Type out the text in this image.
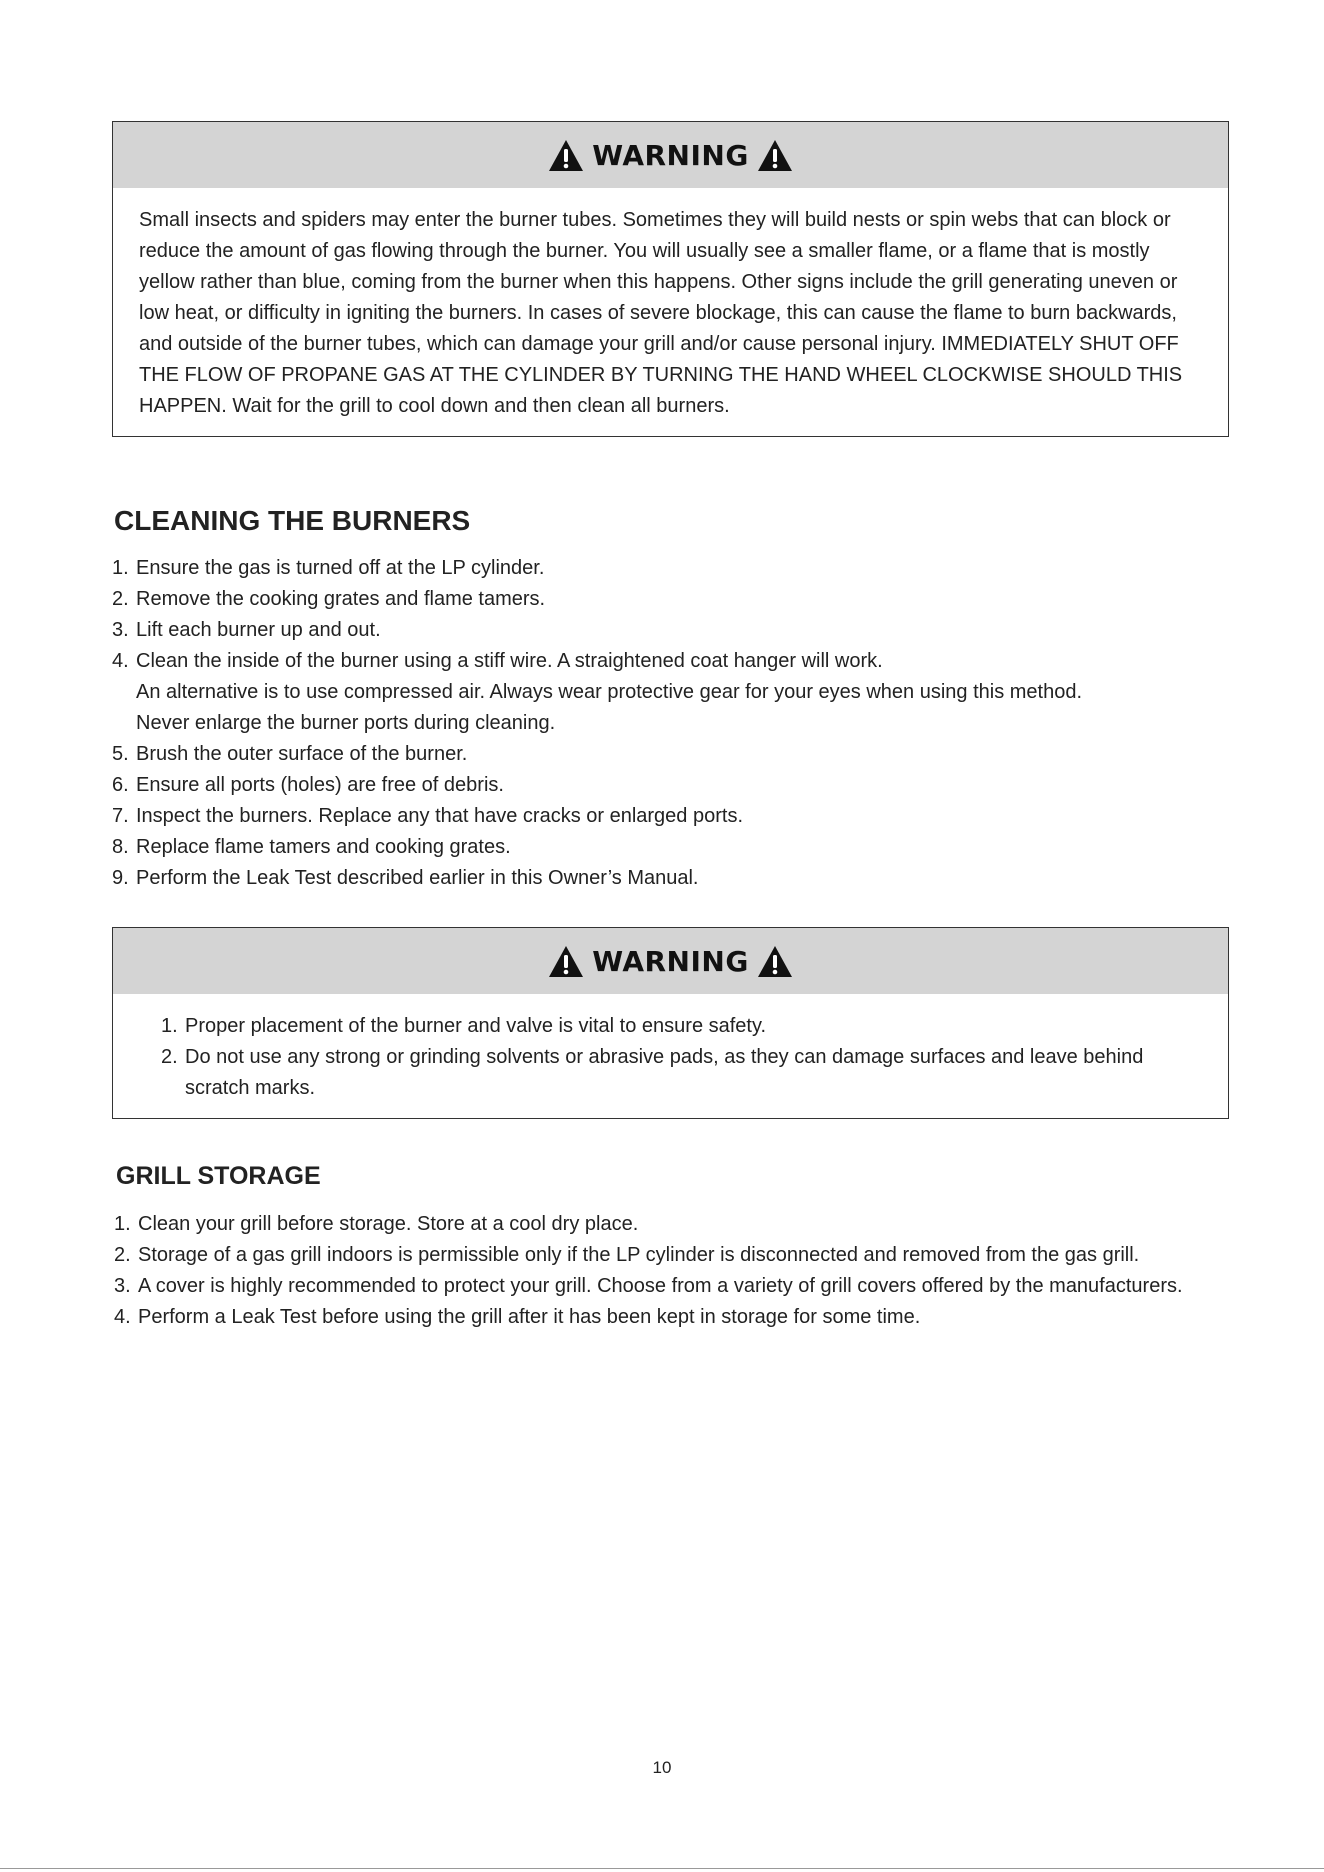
WARNING
Small insects and spiders may enter the burner tubes. Sometimes they will build nests or spin webs that can block or reduce the amount of gas flowing through the burner. You will usually see a smaller flame, or a flame that is mostly yellow rather than blue, coming from the burner when this happens. Other signs include the grill generating uneven or low heat, or difficulty in igniting the burners. In cases of severe blockage, this can cause the flame to burn backwards, and outside of the burner tubes, which can damage your grill and/or cause personal injury. IMMEDIATELY SHUT OFF THE FLOW OF PROPANE GAS AT THE CYLINDER BY TURNING THE HAND WHEEL CLOCKWISE SHOULD THIS HAPPEN. Wait for the grill to cool down and then clean all burners.
CLEANING THE BURNERS
1. Ensure the gas is turned off at the LP cylinder.
2. Remove the cooking grates and flame tamers.
3. Lift each burner up and out.
4. Clean the inside of the burner using a stiff wire. A straightened coat hanger will work.
An alternative is to use compressed air. Always wear protective gear for your eyes when using this method.
Never enlarge the burner ports during cleaning.
5. Brush the outer surface of the burner.
6. Ensure all ports (holes) are free of debris.
7. Inspect the burners. Replace any that have cracks or enlarged ports.
8. Replace flame tamers and cooking grates.
9. Perform the Leak Test described earlier in this Owner’s Manual.
WARNING
1. Proper placement of the burner and valve is vital to ensure safety.
2. Do not use any strong or grinding solvents or abrasive pads, as they can damage surfaces and leave behind scratch marks.
GRILL STORAGE
1. Clean your grill before storage. Store at a cool dry place.
2. Storage of a gas grill indoors is permissible only if the LP cylinder is disconnected and removed from the gas grill.
3. A cover is highly recommended to protect your grill. Choose from a variety of grill covers offered by the manufacturers.
4. Perform a Leak Test before using the grill after it has been kept in storage for some time.
10
